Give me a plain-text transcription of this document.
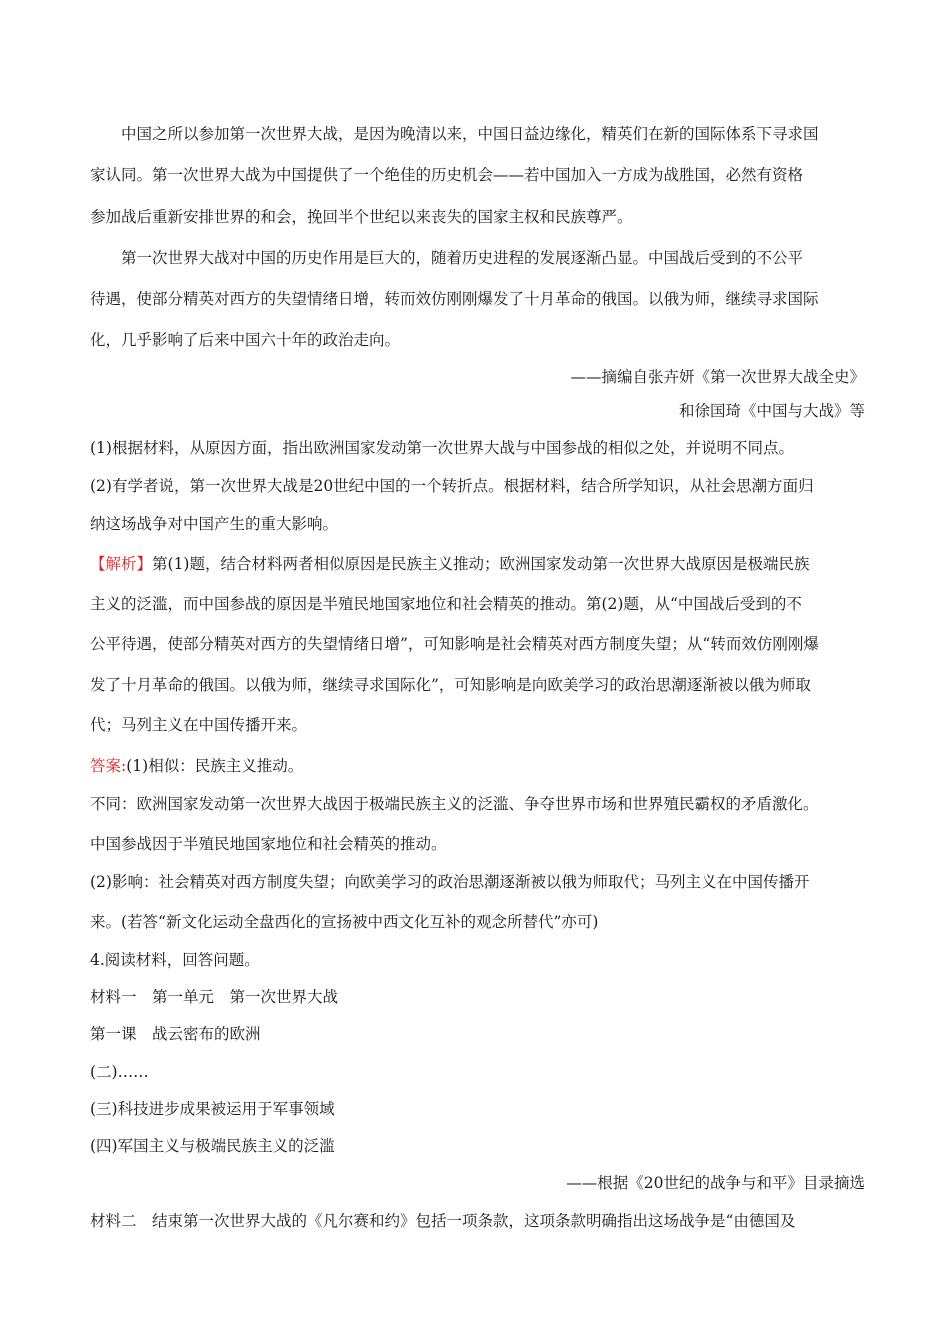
中国之所以参加第一次世界大战，是因为晚清以来，中国日益边缘化，精英们在新的国际体系下寻求国
家认同。第一次世界大战为中国提供了一个绝佳的历史机会——若中国加入一方成为战胜国，必然有资格
参加战后重新安排世界的和会，挽回半个世纪以来丧失的国家主权和民族尊严。
第一次世界大战对中国的历史作用是巨大的，随着历史进程的发展逐渐凸显。中国战后受到的不公平
待遇，使部分精英对西方的失望情绪日增，转而效仿刚刚爆发了十月革命的俄国。以俄为师，继续寻求国际
化，几乎影响了后来中国六十年的政治走向。
——摘编自张卉妍《第一次世界大战全史》
和徐国琦《中国与大战》等
(1)根据材料，从原因方面，指出欧洲国家发动第一次世界大战与中国参战的相似之处，并说明不同点。
(2)有学者说，第一次世界大战是20世纪中国的一个转折点。根据材料，结合所学知识，从社会思潮方面归
纳这场战争对中国产生的重大影响。
【解析】第(1)题，结合材料两者相似原因是民族主义推动；欧洲国家发动第一次世界大战原因是极端民族
主义的泛滥，而中国参战的原因是半殖民地国家地位和社会精英的推动。第(2)题，从“中国战后受到的不
公平待遇，使部分精英对西方的失望情绪日增”，可知影响是社会精英对西方制度失望；从“转而效仿刚刚爆
发了十月革命的俄国。以俄为师，继续寻求国际化”，可知影响是向欧美学习的政治思潮逐渐被以俄为师取
代；马列主义在中国传播开来。
答案:(1)相似：民族主义推动。
不同：欧洲国家发动第一次世界大战因于极端民族主义的泛滥、争夺世界市场和世界殖民霸权的矛盾激化。
中国参战因于半殖民地国家地位和社会精英的推动。
(2)影响：社会精英对西方制度失望；向欧美学习的政治思潮逐渐被以俄为师取代；马列主义在中国传播开
来。(若答“新文化运动全盘西化的宣扬被中西文化互补的观念所替代”亦可)
4.阅读材料，回答问题。
材料一　第一单元　第一次世界大战
第一课　战云密布的欧洲
(二)……
(三)科技进步成果被运用于军事领域
(四)军国主义与极端民族主义的泛滥
——根据《20世纪的战争与和平》目录摘选
材料二　结束第一次世界大战的《凡尔赛和约》包括一项条款，这项条款明确指出这场战争是“由德国及
